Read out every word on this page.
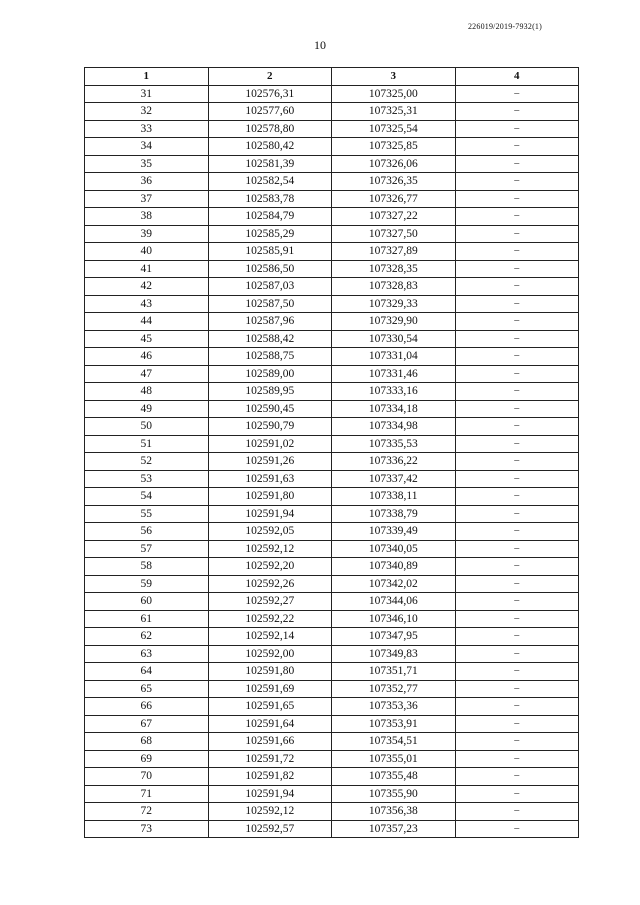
226019/2019-7932(1)
10
1	2	3	4
31	102576,31	107325,00	–
32	102577,60	107325,31	–
33	102578,80	107325,54	–
34	102580,42	107325,85	–
35	102581,39	107326,06	–
36	102582,54	107326,35	–
37	102583,78	107326,77	–
38	102584,79	107327,22	–
39	102585,29	107327,50	–
40	102585,91	107327,89	–
41	102586,50	107328,35	–
42	102587,03	107328,83	–
43	102587,50	107329,33	–
44	102587,96	107329,90	–
45	102588,42	107330,54	–
46	102588,75	107331,04	–
47	102589,00	107331,46	–
48	102589,95	107333,16	–
49	102590,45	107334,18	–
50	102590,79	107334,98	–
51	102591,02	107335,53	–
52	102591,26	107336,22	–
53	102591,63	107337,42	–
54	102591,80	107338,11	–
55	102591,94	107338,79	–
56	102592,05	107339,49	–
57	102592,12	107340,05	–
58	102592,20	107340,89	–
59	102592,26	107342,02	–
60	102592,27	107344,06	–
61	102592,22	107346,10	–
62	102592,14	107347,95	–
63	102592,00	107349,83	–
64	102591,80	107351,71	–
65	102591,69	107352,77	–
66	102591,65	107353,36	–
67	102591,64	107353,91	–
68	102591,66	107354,51	–
69	102591,72	107355,01	–
70	102591,82	107355,48	–
71	102591,94	107355,90	–
72	102592,12	107356,38	–
73	102592,57	107357,23	–
